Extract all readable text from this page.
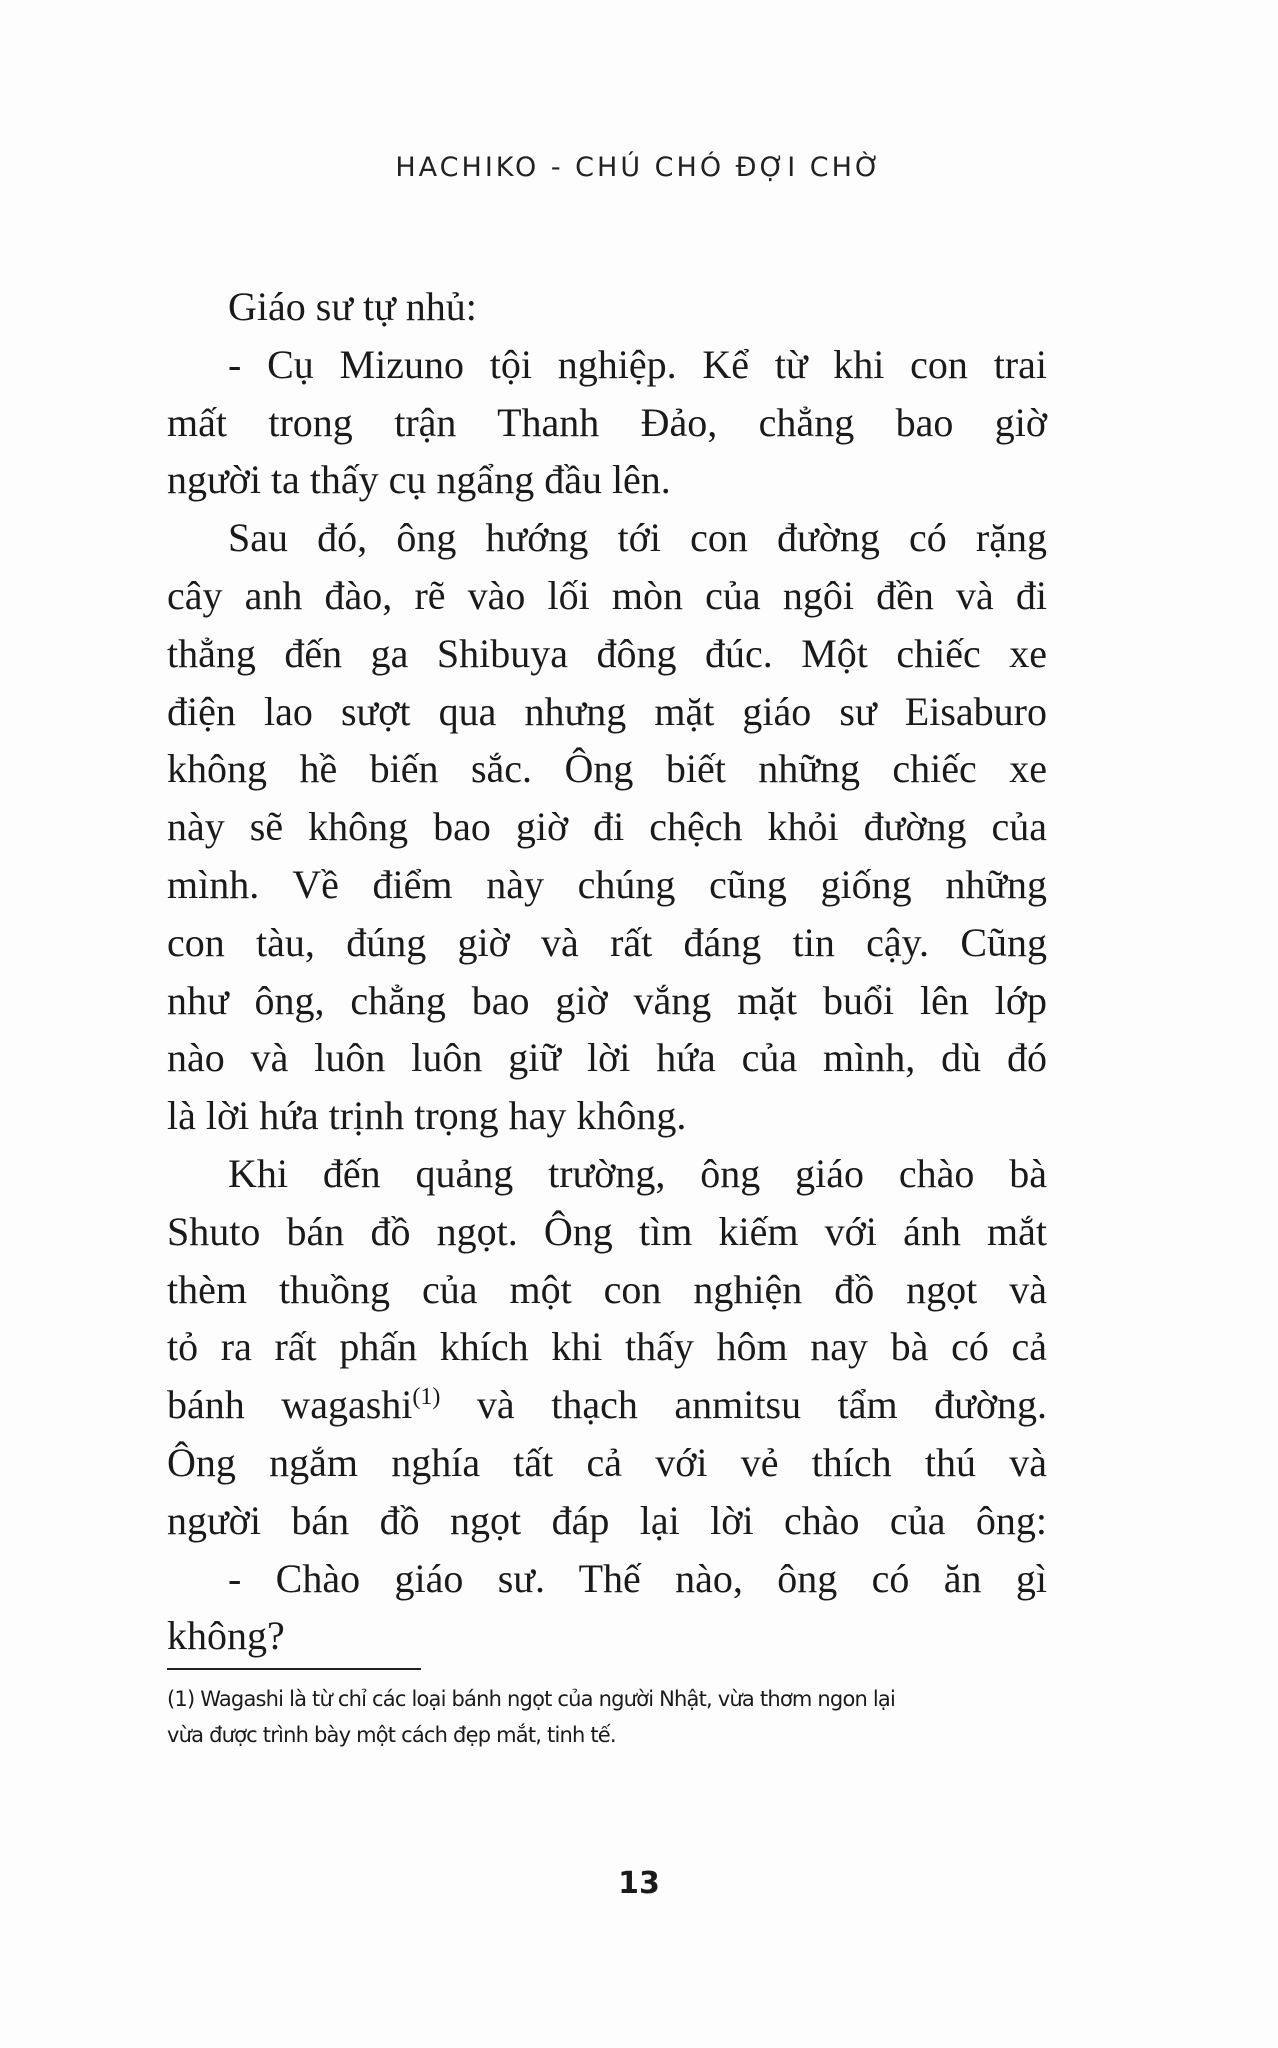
HACHIKO - CHÚ CHÓ ĐỢI CHỜ
Giáo sư tự nhủ:
- Cụ Mizuno tội nghiệp. Kể từ khi con trai
mất trong trận Thanh Đảo, chẳng bao giờ
người ta thấy cụ ngẩng đầu lên.
Sau đó, ông hướng tới con đường có rặng
cây anh đào, rẽ vào lối mòn của ngôi đền và đi
thẳng đến ga Shibuya đông đúc. Một chiếc xe
điện lao sượt qua nhưng mặt giáo sư Eisaburo
không hề biến sắc. Ông biết những chiếc xe
này sẽ không bao giờ đi chệch khỏi đường của
mình. Về điểm này chúng cũng giống những
con tàu, đúng giờ và rất đáng tin cậy. Cũng
như ông, chẳng bao giờ vắng mặt buổi lên lớp
nào và luôn luôn giữ lời hứa của mình, dù đó
là lời hứa trịnh trọng hay không.
Khi đến quảng trường, ông giáo chào bà
Shuto bán đồ ngọt. Ông tìm kiếm với ánh mắt
thèm thuồng của một con nghiện đồ ngọt và
tỏ ra rất phấn khích khi thấy hôm nay bà có cả
bánh wagashi$^{(1)}$ và thạch anmitsu tẩm đường.
Ông ngắm nghía tất cả với vẻ thích thú và
người bán đồ ngọt đáp lại lời chào của ông:
- Chào giáo sư. Thế nào, ông có ăn gì
không?
(1) Wagashi là từ chỉ các loại bánh ngọt của người Nhật, vừa thơm ngon lại
vừa được trình bày một cách đẹp mắt, tinh tế.
13
